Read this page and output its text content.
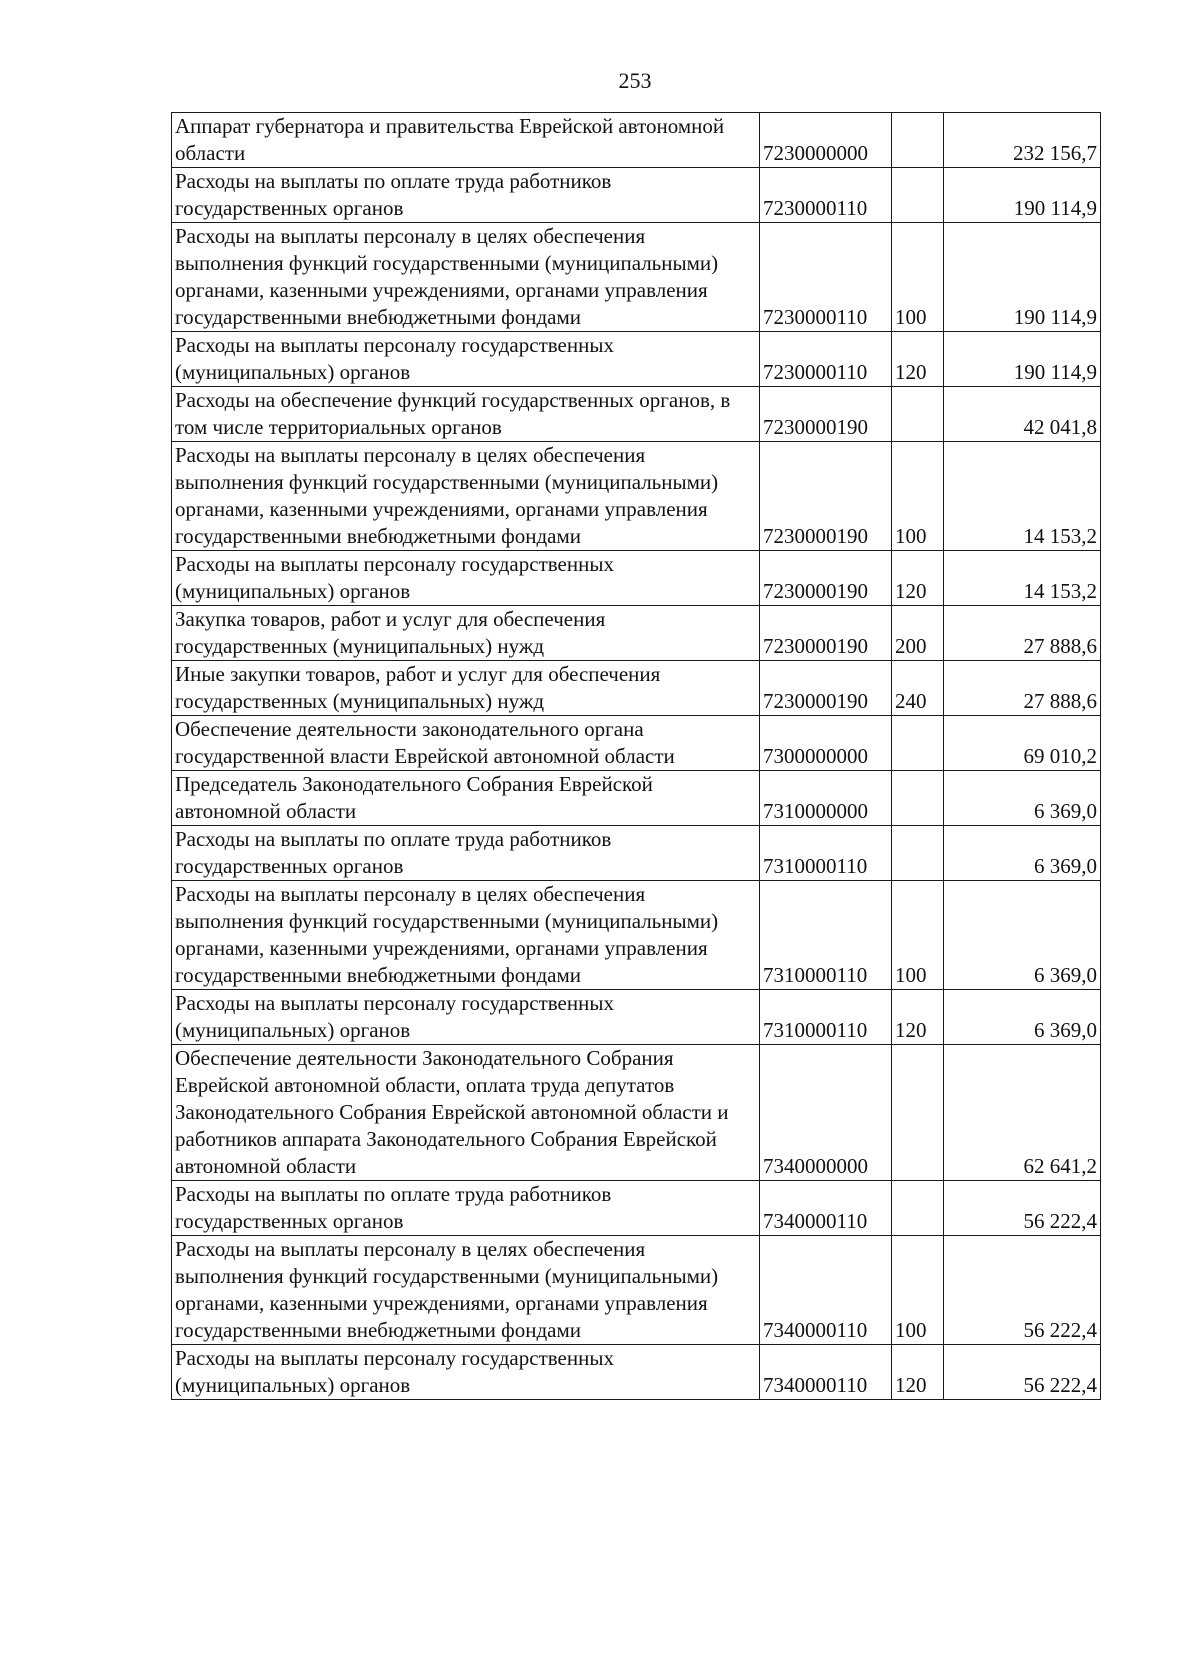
253
Аппарат губернатора и правительства Еврейской автономной области	7230000000		232 156,7
Расходы на выплаты по оплате труда работников государственных органов	7230000110		190 114,9
Расходы на выплаты персоналу в целях обеспечения выполнения функций государственными (муниципальными) органами, казенными учреждениями, органами управления государственными внебюджетными фондами	7230000110	100	190 114,9
Расходы на выплаты персоналу государственных (муниципальных) органов	7230000110	120	190 114,9
Расходы на обеспечение функций государственных органов, в том числе территориальных органов	7230000190		42 041,8
Расходы на выплаты персоналу в целях обеспечения выполнения функций государственными (муниципальными) органами, казенными учреждениями, органами управления государственными внебюджетными фондами	7230000190	100	14 153,2
Расходы на выплаты персоналу государственных (муниципальных) органов	7230000190	120	14 153,2
Закупка товаров, работ и услуг для обеспечения государственных (муниципальных) нужд	7230000190	200	27 888,6
Иные закупки товаров, работ и услуг для обеспечения государственных (муниципальных) нужд	7230000190	240	27 888,6
Обеспечение деятельности законодательного органа государственной власти Еврейской автономной области	7300000000		69 010,2
Председатель Законодательного Собрания Еврейской автономной области	7310000000		6 369,0
Расходы на выплаты по оплате труда работников государственных органов	7310000110		6 369,0
Расходы на выплаты персоналу в целях обеспечения выполнения функций государственными (муниципальными) органами, казенными учреждениями, органами управления государственными внебюджетными фондами	7310000110	100	6 369,0
Расходы на выплаты персоналу государственных (муниципальных) органов	7310000110	120	6 369,0
Обеспечение деятельности Законодательного Собрания Еврейской автономной области, оплата труда депутатов Законодательного Собрания Еврейской автономной области и работников аппарата Законодательного Собрания Еврейской автономной области	7340000000		62 641,2
Расходы на выплаты по оплате труда работников государственных органов	7340000110		56 222,4
Расходы на выплаты персоналу в целях обеспечения выполнения функций государственными (муниципальными) органами, казенными учреждениями, органами управления государственными внебюджетными фондами	7340000110	100	56 222,4
Расходы на выплаты персоналу государственных (муниципальных) органов	7340000110	120	56 222,4
